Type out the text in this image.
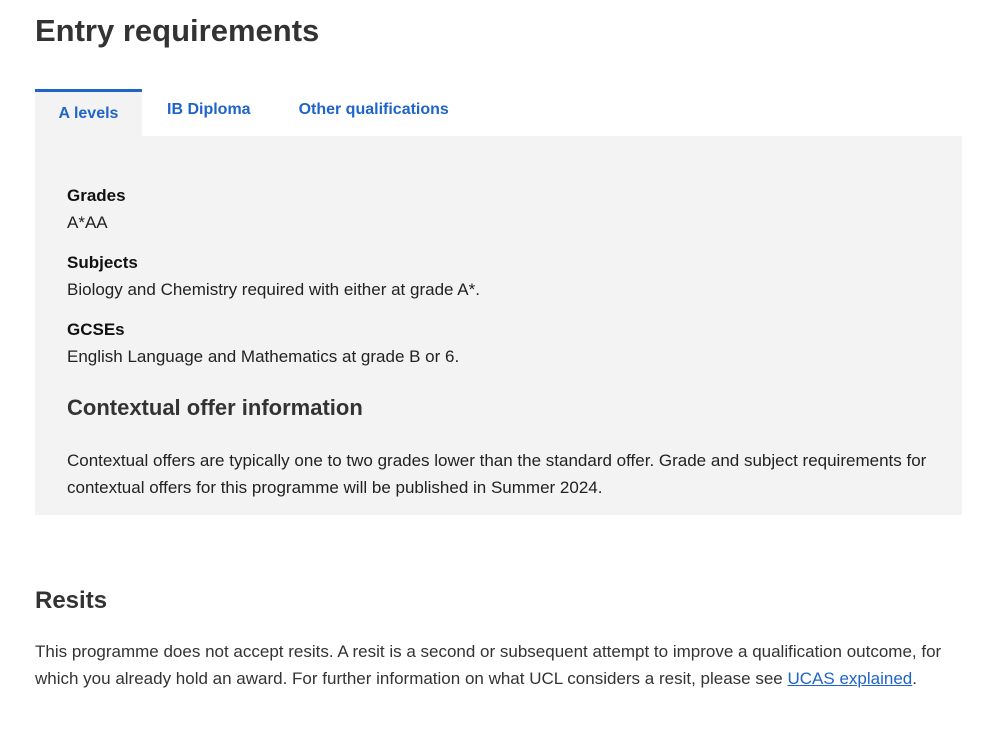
Entry requirements
A levels	IB Diploma	Other qualifications
Grades
A*AA
Subjects
Biology and Chemistry required with either at grade A*.
GCSEs
English Language and Mathematics at grade B or 6.
Contextual offer information
Contextual offers are typically one to two grades lower than the standard offer. Grade and subject requirements for contextual offers for this programme will be published in Summer 2024.
Resits
This programme does not accept resits. A resit is a second or subsequent attempt to improve a qualification outcome, for which you already hold an award. For further information on what UCL considers a resit, please see UCAS explained.
